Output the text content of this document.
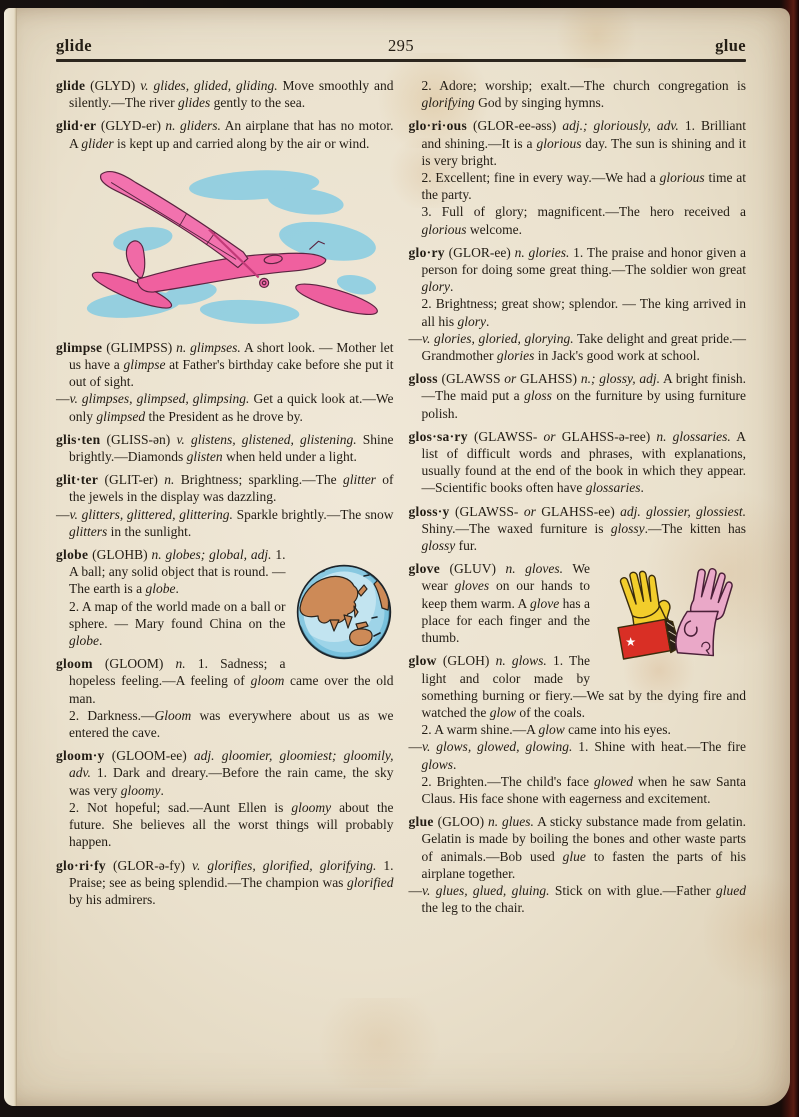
glide	295	glue

glide (GLYD) v. glides, glided, gliding. Move smoothly and silently.—The river glides gently to the sea.

glid·er (GLYD-er) n. gliders. An airplane that has no motor. A glider is kept up and carried along by the air or wind.

glimpse (GLIMPSS) n. glimpses. A short look. — Mother let us have a glimpse at Father's birthday cake before she put it out of sight.

—v. glimpses, glimpsed, glimpsing. Get a quick look at.—We only glimpsed the President as he drove by.

glis·ten (GLISS-ən) v. glistens, glistened, glistening. Shine brightly.—Diamonds glisten when held under a light.

glit·ter (GLIT-er) n. Brightness; sparkling.—The glitter of the jewels in the display was dazzling.

—v. glitters, glittered, glittering. Sparkle brightly.—The snow glitters in the sunlight.

globe (GLOHB) n. globes; global, adj. 1. A ball; any solid object that is round. — The earth is a globe.

2. A map of the world made on a ball or sphere. — Mary found China on the globe.

gloom (GLOOM) n. 1. Sadness; a hopeless feeling.—A feeling of gloom came over the old man.

2. Darkness.—Gloom was everywhere about us as we entered the cave.

gloom·y (GLOOM-ee) adj. gloomier, gloomiest; gloomily, adv. 1. Dark and dreary.—Before the rain came, the sky was very gloomy.

2. Not hopeful; sad.—Aunt Ellen is gloomy about the future. She believes all the worst things will probably happen.

glo·ri·fy (GLOR-ə-fy) v. glorifies, glorified, glorifying. 1. Praise; see as being splendid.—The champion was glorified by his admirers.

2. Adore; worship; exalt.—The church congregation is glorifying God by singing hymns.

glo·ri·ous (GLOR-ee-əss) adj.; gloriously, adv. 1. Brilliant and shining.—It is a glorious day. The sun is shining and it is very bright.

2. Excellent; fine in every way.—We had a glorious time at the party.

3. Full of glory; magnificent.—The hero received a glorious welcome.

glo·ry (GLOR-ee) n. glories. 1. The praise and honor given a person for doing some great thing.—The soldier won great glory.

2. Brightness; great show; splendor. — The king arrived in all his glory.

—v. glories, gloried, glorying. Take delight and great pride.—Grandmother glories in Jack's good work at school.

gloss (GLAWSS or GLAHSS) n.; glossy, adj. A bright finish.—The maid put a gloss on the furniture by using furniture polish.

glos·sa·ry (GLAWSS- or GLAHSS-ə-ree) n. glossaries. A list of difficult words and phrases, with explanations, usually found at the end of the book in which they appear.—Scientific books often have glossaries.

gloss·y (GLAWSS- or GLAHSS-ee) adj. glossier, glossiest. Shiny.—The waxed furniture is glossy.—The kitten has glossy fur.

★

glove (GLUV) n. gloves. We wear gloves on our hands to keep them warm. A glove has a place for each finger and the thumb.

glow (GLOH) n. glows. 1. The light and color made by something burning or fiery.—We sat by the dying fire and watched the glow of the coals.

2. A warm shine.—A glow came into his eyes.

—v. glows, glowed, glowing. 1. Shine with heat.—The fire glows.

2. Brighten.—The child's face glowed when he saw Santa Claus. His face shone with eagerness and excitement.

glue (GLOO) n. glues. A sticky substance made from gelatin. Gelatin is made by boiling the bones and other waste parts of animals.—Bob used glue to fasten the parts of his airplane together.

—v. glues, glued, gluing. Stick on with glue.—Father glued the leg to the chair.
